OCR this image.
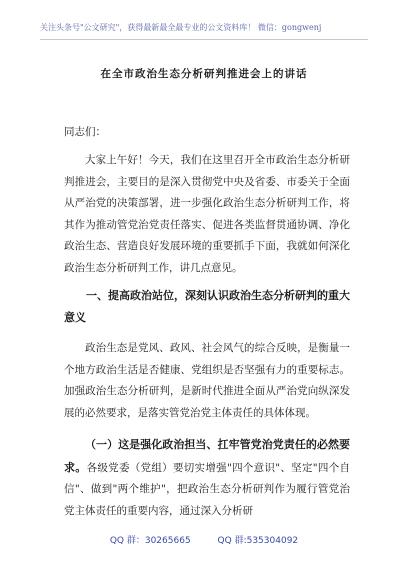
关注头条号"公文研究"，获得最新最全最专业的公文资料库！ 微信：gongwenj
在全市政治生态分析研判推进会上的讲话
同志们：

大家上午好！今天，我们在这里召开全市政治生态分析研判推进会，主要目的是深入贯彻党中央及省委、市委关于全面从严治党的决策部署，进一步强化政治生态分析研判工作，将其作为推动管党治党责任落实、促进各类监督贯通协调、净化政治生态、营造良好发展环境的重要抓手下面，我就如何深化政治生态分析研判工作，讲几点意见。

一、提高政治站位，深刻认识政治生态分析研判的重大意义

政治生态是党风、政风、社会风气的综合反映，是衡量一个地方政治生活是否健康、党组织是否坚强有力的重要标志。加强政治生态分析研判，是新时代推进全面从严治党向纵深发展的必然要求，是落实管党治党主体责任的具体体现。

（一）这是强化政治担当、扛牢管党治党责任的必然要求。各级党委（党组）要切实增强"四个意识"、坚定"四个自信"、做到"两个维护"，把政治生态分析研判作为履行管党治党主体责任的重要内容，通过深入分析研

QQ 群：30265665	QQ 群:535304092
